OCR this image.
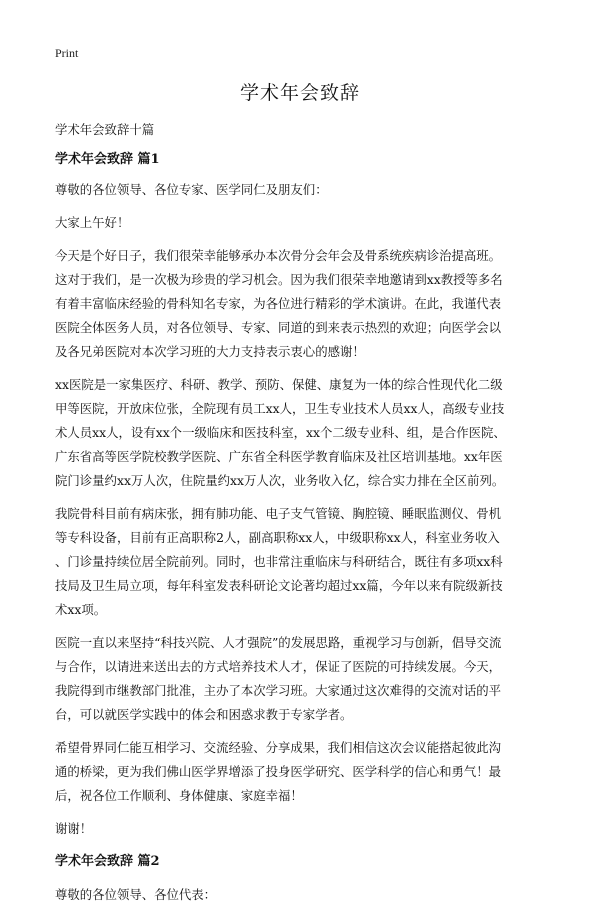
Print
学术年会致辞
学术年会致辞十篇
学术年会致辞 篇1
尊敬的各位领导、各位专家、医学同仁及朋友们：
大家上午好！
今天是个好日子，我们很荣幸能够承办本次骨分会年会及骨系统疾病诊治提高班。
这对于我们，是一次极为珍贵的学习机会。因为我们很荣幸地邀请到xx教授等多名
有着丰富临床经验的骨科知名专家，为各位进行精彩的学术演讲。在此，我谨代表
医院全体医务人员，对各位领导、专家、同道的到来表示热烈的欢迎；向医学会以
及各兄弟医院对本次学习班的大力支持表示衷心的感谢！
xx医院是一家集医疗、科研、教学、预防、保健、康复为一体的综合性现代化二级
甲等医院，开放床位张，全院现有员工xx人，卫生专业技术人员xx人，高级专业技
术人员xx人，设有xx个一级临床和医技科室，xx个二级专业科、组，是合作医院、
广东省高等医学院校教学医院、广东省全科医学教育临床及社区培训基地。xx年医
院门诊量约xx万人次，住院量约xx万人次，业务收入亿，综合实力排在全区前列。
我院骨科目前有病床张，拥有肺功能、电子支气管镜、胸腔镜、睡眠监测仪、骨机
等专科设备，目前有正高职称2人，副高职称xx人，中级职称xx人，科室业务收入
、门诊量持续位居全院前列。同时，也非常注重临床与科研结合，既往有多项xx科
技局及卫生局立项，每年科室发表科研论文论著均超过xx篇，今年以来有院级新技
术xx项。
医院一直以来坚持“科技兴院、人才强院”的发展思路，重视学习与创新，倡导交流
与合作，以请进来送出去的方式培养技术人才，保证了医院的可持续发展。今天，
我院得到市继教部门批准，主办了本次学习班。大家通过这次难得的交流对话的平
台，可以就医学实践中的体会和困惑求教于专家学者。
希望骨界同仁能互相学习、交流经验、分享成果，我们相信这次会议能搭起彼此沟
通的桥梁，更为我们佛山医学界增添了投身医学研究、医学科学的信心和勇气！最
后，祝各位工作顺利、身体健康、家庭幸福！
谢谢！
学术年会致辞 篇2
尊敬的各位领导、各位代表：
